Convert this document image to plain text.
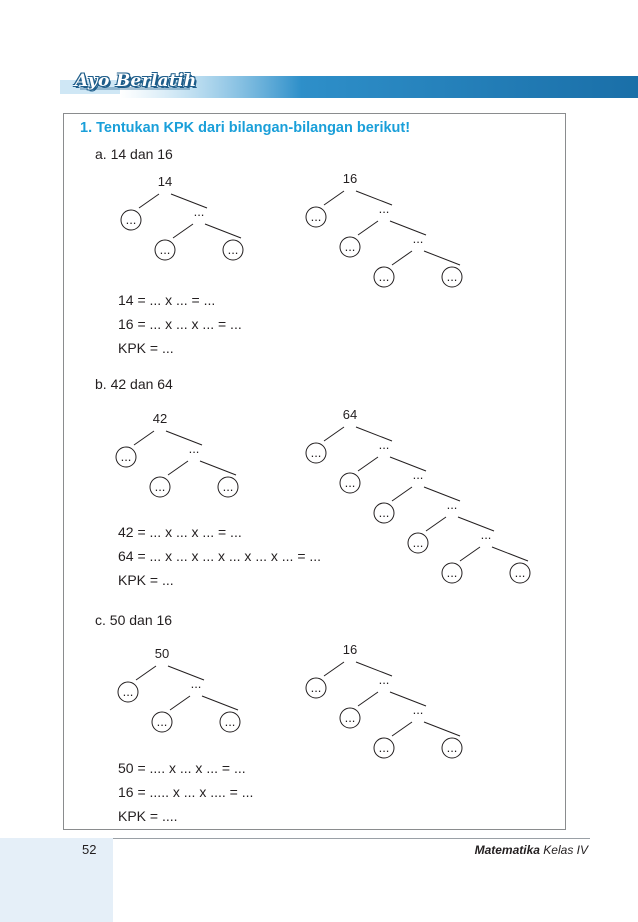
Ayo Berlatih
1. Tentukan KPK dari bilangan-bilangan berikut!
a. 14 dan 16
14 = ... x ... = ...
16 = ... x ... x ... = ...
KPK = ...
b. 42 dan 64
42 = ... x ... x ... = ...
64 = ... x ... x ... x ... x ... x ... = ...
KPK = ...
c. 50 dan 16
50 = .... x ... x ... = ...
16 = ..... x ... x .... = ...
KPK = ....
14
...
...
...	...
16
...
...
...
...
...	...
42
...
...
...	...
64
...
...
...
...
...
...
...
...
...	...
50
...
...
...	...
16
...
...
...
...
...	...
52	Matematika Kelas IV
